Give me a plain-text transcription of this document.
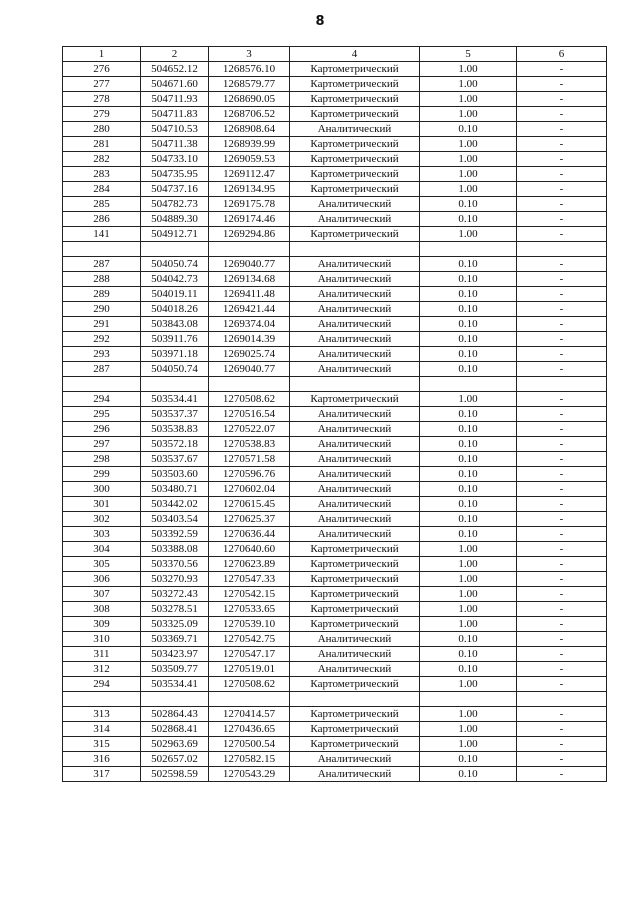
8
1	2	3	4	5	6
276	504652.12	1268576.10	Картометрический	1.00	-
277	504671.60	1268579.77	Картометрический	1.00	-
278	504711.93	1268690.05	Картометрический	1.00	-
279	504711.83	1268706.52	Картометрический	1.00	-
280	504710.53	1268908.64	Аналитический	0.10	-
281	504711.38	1268939.99	Картометрический	1.00	-
282	504733.10	1269059.53	Картометрический	1.00	-
283	504735.95	1269112.47	Картометрический	1.00	-
284	504737.16	1269134.95	Картометрический	1.00	-
285	504782.73	1269175.78	Аналитический	0.10	-
286	504889.30	1269174.46	Аналитический	0.10	-
141	504912.71	1269294.86	Картометрический	1.00	-

287	504050.74	1269040.77	Аналитический	0.10	-
288	504042.73	1269134.68	Аналитический	0.10	-
289	504019.11	1269411.48	Аналитический	0.10	-
290	504018.26	1269421.44	Аналитический	0.10	-
291	503843.08	1269374.04	Аналитический	0.10	-
292	503911.76	1269014.39	Аналитический	0.10	-
293	503971.18	1269025.74	Аналитический	0.10	-
287	504050.74	1269040.77	Аналитический	0.10	-

294	503534.41	1270508.62	Картометрический	1.00	-
295	503537.37	1270516.54	Аналитический	0.10	-
296	503538.83	1270522.07	Аналитический	0.10	-
297	503572.18	1270538.83	Аналитический	0.10	-
298	503537.67	1270571.58	Аналитический	0.10	-
299	503503.60	1270596.76	Аналитический	0.10	-
300	503480.71	1270602.04	Аналитический	0.10	-
301	503442.02	1270615.45	Аналитический	0.10	-
302	503403.54	1270625.37	Аналитический	0.10	-
303	503392.59	1270636.44	Аналитический	0.10	-
304	503388.08	1270640.60	Картометрический	1.00	-
305	503370.56	1270623.89	Картометрический	1.00	-
306	503270.93	1270547.33	Картометрический	1.00	-
307	503272.43	1270542.15	Картометрический	1.00	-
308	503278.51	1270533.65	Картометрический	1.00	-
309	503325.09	1270539.10	Картометрический	1.00	-
310	503369.71	1270542.75	Аналитический	0.10	-
311	503423.97	1270547.17	Аналитический	0.10	-
312	503509.77	1270519.01	Аналитический	0.10	-
294	503534.41	1270508.62	Картометрический	1.00	-

313	502864.43	1270414.57	Картометрический	1.00	-
314	502868.41	1270436.65	Картометрический	1.00	-
315	502963.69	1270500.54	Картометрический	1.00	-
316	502657.02	1270582.15	Аналитический	0.10	-
317	502598.59	1270543.29	Аналитический	0.10	-
